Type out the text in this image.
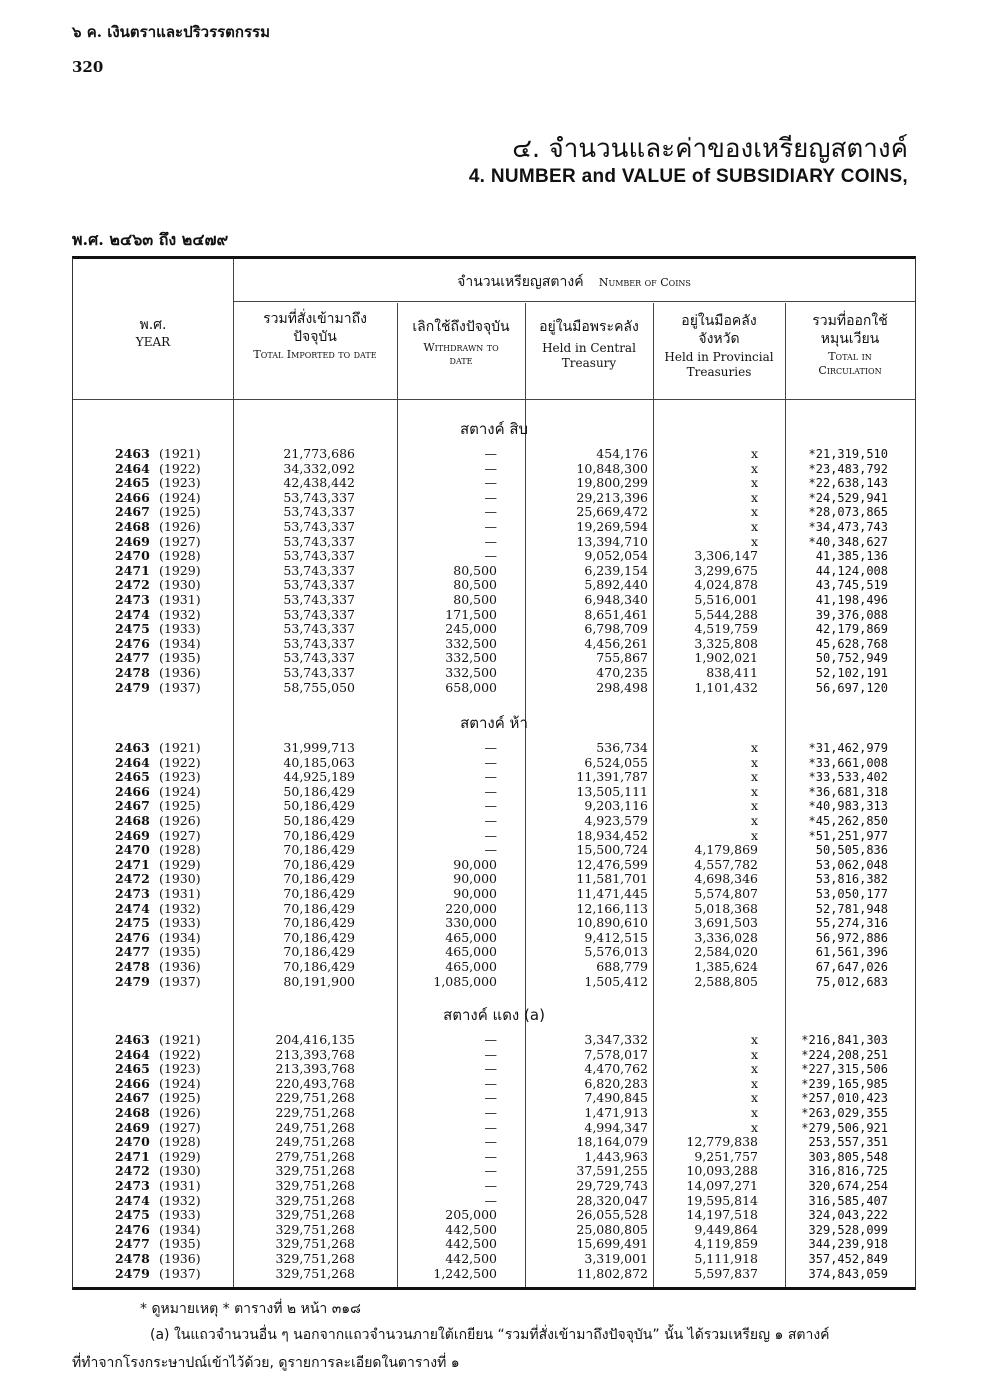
๖ ค. เงินตราและปริวรรตกรรม
320
๔. จำนวนและค่าของเหรียญสตางค์
4. NUMBER and VALUE of SUBSIDIARY COINS,
พ.ศ. ๒๔๖๓ ถึง ๒๔๗๙
พ.ศ.
YEAR
จำนวนเหรียญสตางค์ Number of Coins
รวมที่สั่งเข้ามาถึงปัจจุบัน
Total Imported to date
เลิกใช้ถึงปัจจุบัน
Withdrawn to date
อยู่ในมือพระคลัง
Held in Central Treasury
อยู่ในมือคลังจังหวัด
Held in Provincial Treasuries
รวมที่ออกใช้หมุนเวียน
Total in Circulation
สตางค์ สิบ
2463 (1921)	21,773,686	—	454,176	x	*21,319,510
2464 (1922)	34,332,092	—	10,848,300	x	*23,483,792
2465 (1923)	42,438,442	—	19,800,299	x	*22,638,143
2466 (1924)	53,743,337	—	29,213,396	x	*24,529,941
2467 (1925)	53,743,337	—	25,669,472	x	*28,073,865
2468 (1926)	53,743,337	—	19,269,594	x	*34,473,743
2469 (1927)	53,743,337	—	13,394,710	x	*40,348,627
2470 (1928)	53,743,337	—	9,052,054	3,306,147	41,385,136
2471 (1929)	53,743,337	80,500	6,239,154	3,299,675	44,124,008
2472 (1930)	53,743,337	80,500	5,892,440	4,024,878	43,745,519
2473 (1931)	53,743,337	80,500	6,948,340	5,516,001	41,198,496
2474 (1932)	53,743,337	171,500	8,651,461	5,544,288	39,376,088
2475 (1933)	53,743,337	245,000	6,798,709	4,519,759	42,179,869
2476 (1934)	53,743,337	332,500	4,456,261	3,325,808	45,628,768
2477 (1935)	53,743,337	332,500	755,867	1,902,021	50,752,949
2478 (1936)	53,743,337	332,500	470,235	838,411	52,102,191
2479 (1937)	58,755,050	658,000	298,498	1,101,432	56,697,120
สตางค์ ห้า
2463 (1921)	31,999,713	—	536,734	x	*31,462,979
2464 (1922)	40,185,063	—	6,524,055	x	*33,661,008
2465 (1923)	44,925,189	—	11,391,787	x	*33,533,402
2466 (1924)	50,186,429	—	13,505,111	x	*36,681,318
2467 (1925)	50,186,429	—	9,203,116	x	*40,983,313
2468 (1926)	50,186,429	—	4,923,579	x	*45,262,850
2469 (1927)	70,186,429	—	18,934,452	x	*51,251,977
2470 (1928)	70,186,429	—	15,500,724	4,179,869	50,505,836
2471 (1929)	70,186,429	90,000	12,476,599	4,557,782	53,062,048
2472 (1930)	70,186,429	90,000	11,581,701	4,698,346	53,816,382
2473 (1931)	70,186,429	90,000	11,471,445	5,574,807	53,050,177
2474 (1932)	70,186,429	220,000	12,166,113	5,018,368	52,781,948
2475 (1933)	70,186,429	330,000	10,890,610	3,691,503	55,274,316
2476 (1934)	70,186,429	465,000	9,412,515	3,336,028	56,972,886
2477 (1935)	70,186,429	465,000	5,576,013	2,584,020	61,561,396
2478 (1936)	70,186,429	465,000	688,779	1,385,624	67,647,026
2479 (1937)	80,191,900	1,085,000	1,505,412	2,588,805	75,012,683
สตางค์ แดง (a)
2463 (1921)	204,416,135	—	3,347,332	x	*216,841,303
2464 (1922)	213,393,768	—	7,578,017	x	*224,208,251
2465 (1923)	213,393,768	—	4,470,762	x	*227,315,506
2466 (1924)	220,493,768	—	6,820,283	x	*239,165,985
2467 (1925)	229,751,268	—	7,490,845	x	*257,010,423
2468 (1926)	229,751,268	—	1,471,913	x	*263,029,355
2469 (1927)	249,751,268	—	4,994,347	x	*279,506,921
2470 (1928)	249,751,268	—	18,164,079	12,779,838	253,557,351
2471 (1929)	279,751,268	—	1,443,963	9,251,757	303,805,548
2472 (1930)	329,751,268	—	37,591,255	10,093,288	316,816,725
2473 (1931)	329,751,268	—	29,729,743	14,097,271	320,674,254
2474 (1932)	329,751,268	—	28,320,047	19,595,814	316,585,407
2475 (1933)	329,751,268	205,000	26,055,528	14,197,518	324,043,222
2476 (1934)	329,751,268	442,500	25,080,805	9,449,864	329,528,099
2477 (1935)	329,751,268	442,500	15,699,491	4,119,859	344,239,918
2478 (1936)	329,751,268	442,500	3,319,001	5,111,918	357,452,849
2479 (1937)	329,751,268	1,242,500	11,802,872	5,597,837	374,843,059
* ดูหมายเหตุ * ตารางที่ ๒ หน้า ๓๑๘
(a) ในแถวจำนวนอื่น ๆ นอกจากแถวจำนวนภายใต้เกยียน “รวมที่สั่งเข้ามาถึงปัจจุบัน” นั้น ได้รวมเหรียญ ๑ สตางค์
ที่ทำจากโรงกระษาปณ์เข้าไว้ด้วย, ดูรายการละเอียดในตารางที่ ๑
